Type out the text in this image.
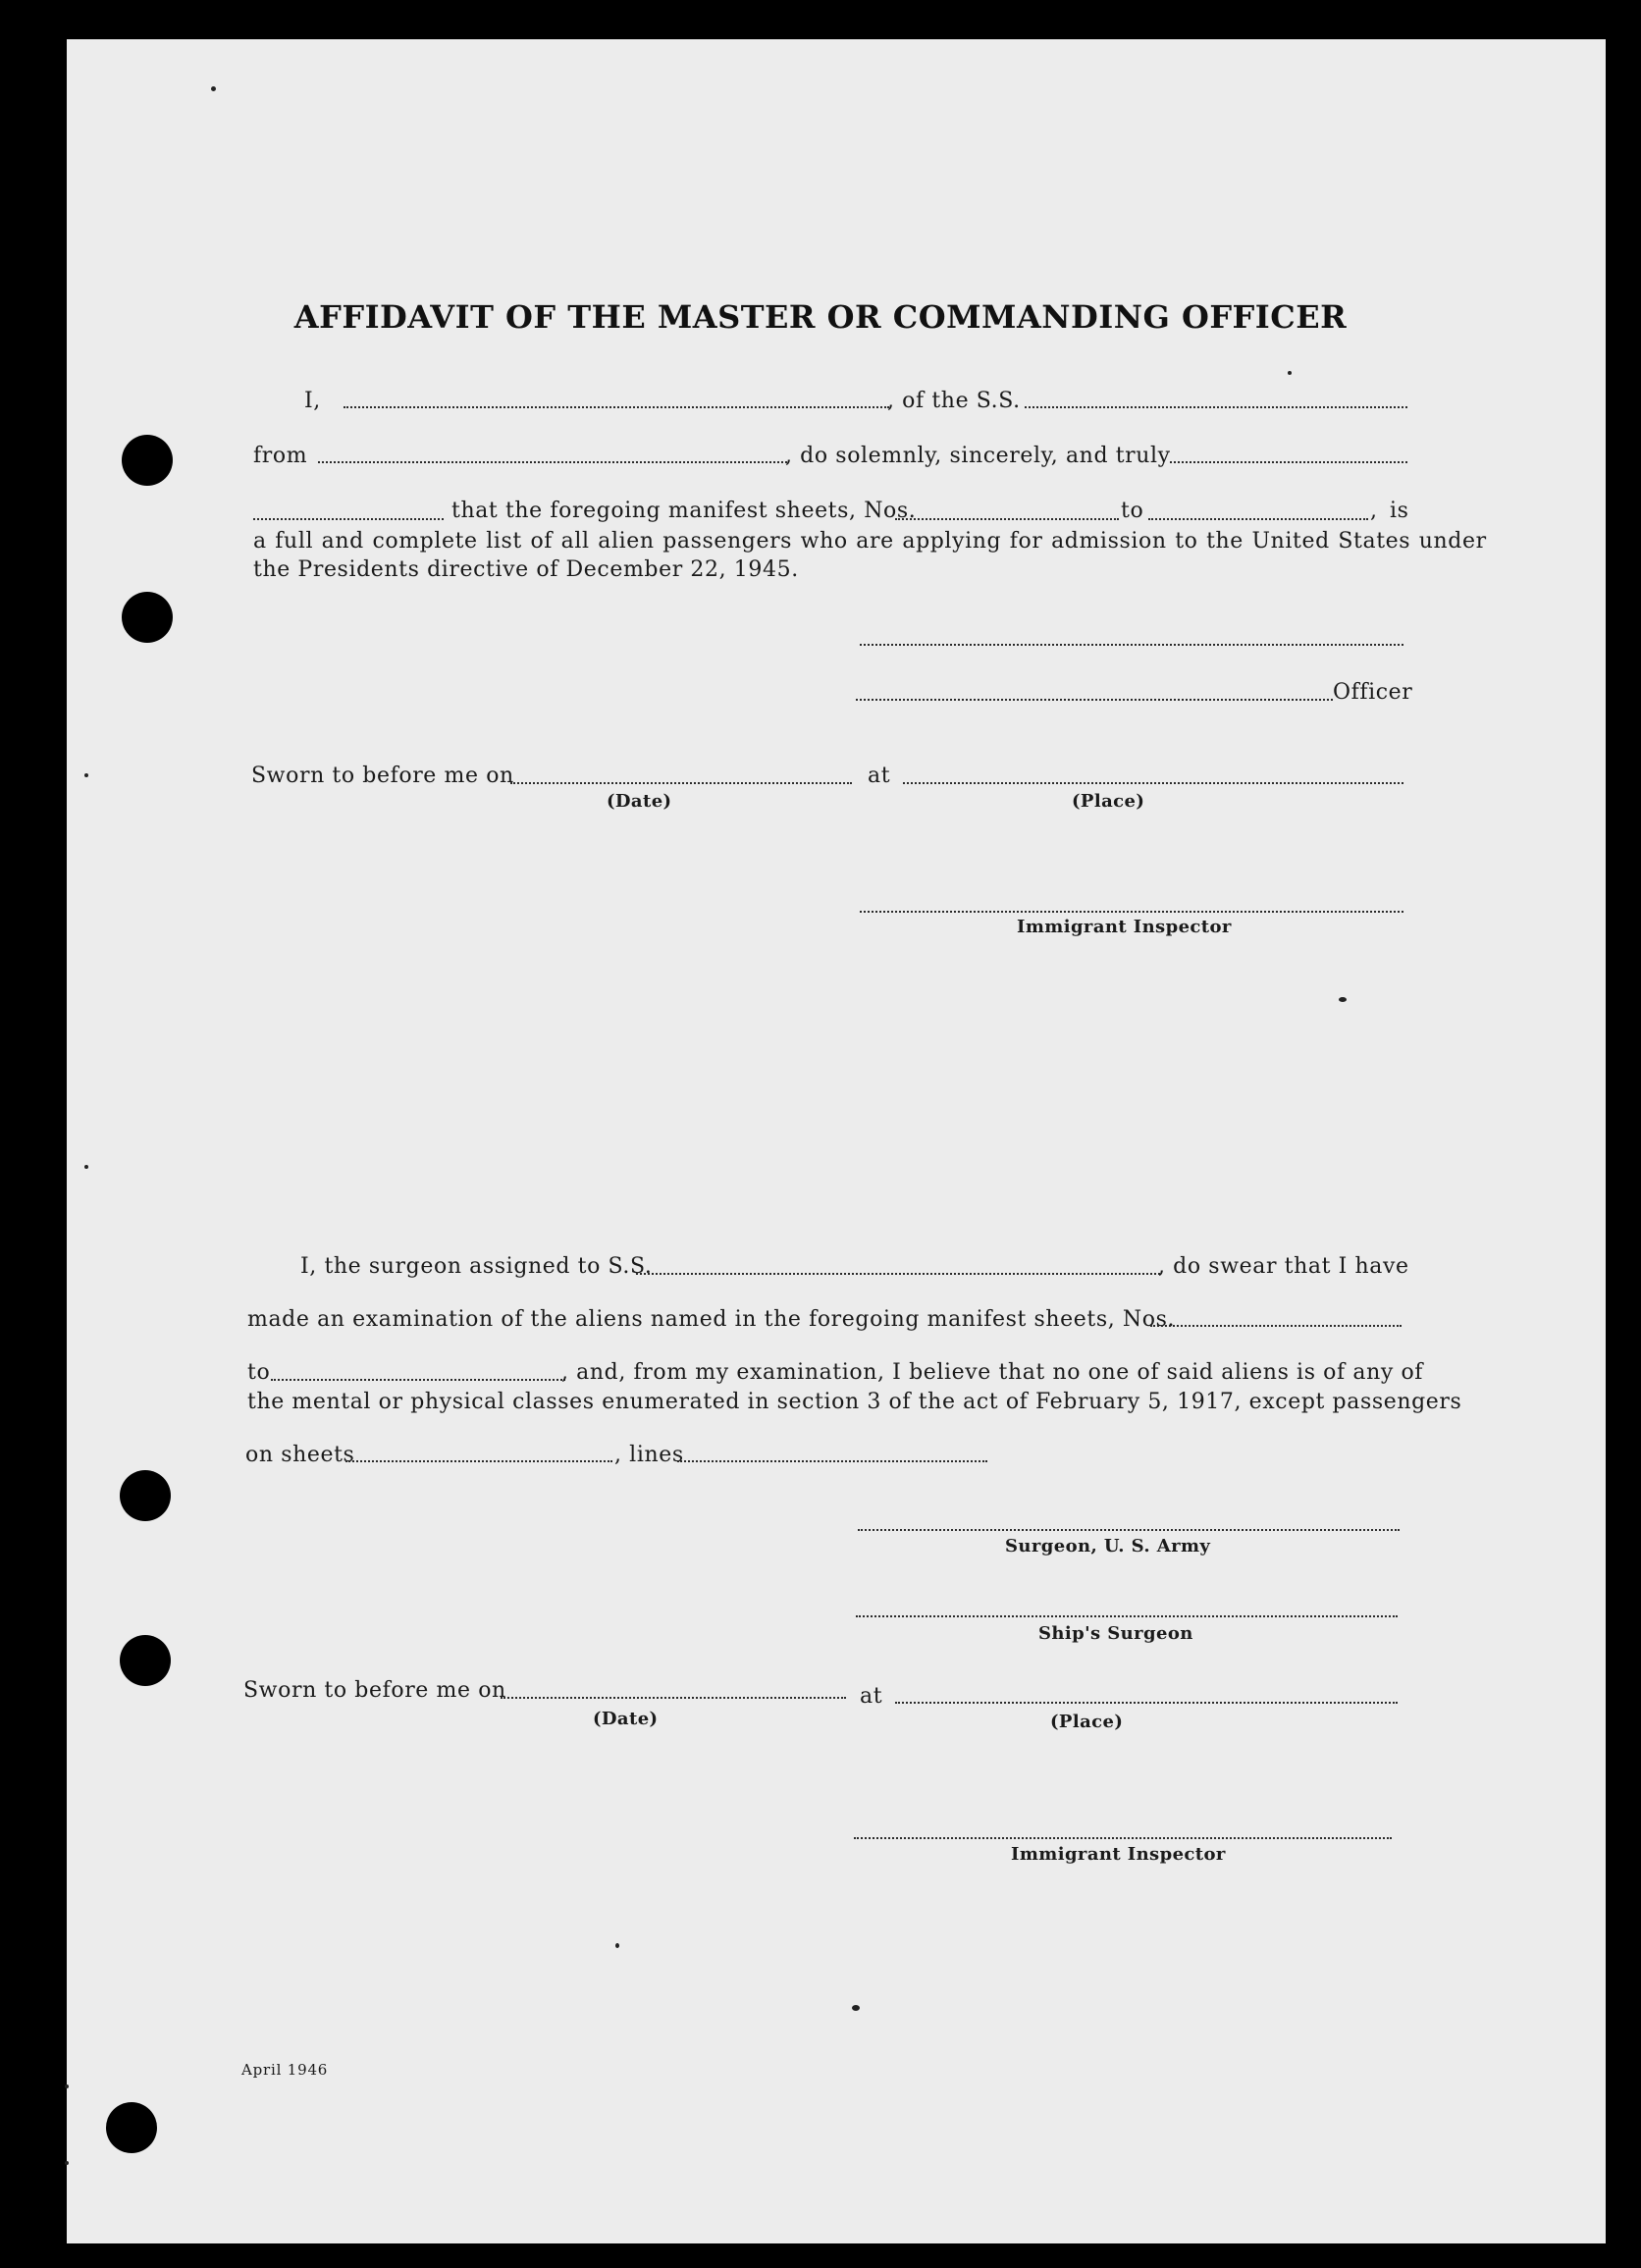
AFFIDAVIT OF THE MASTER OR COMMANDING OFFICER
I,	, of the S.S.
from	, do solemnly, sincerely, and truly
that the foregoing manifest sheets, Nos.	to	, is
a full and complete list of all alien passengers who are applying for admission to the United States under
the Presidents directive of December 22, 1945.
Officer
Sworn to before me on	at
(Date)	(Place)
Immigrant Inspector
I, the surgeon assigned to S.S.	, do swear that I have
made an examination of the aliens named in the foregoing manifest sheets, Nos.
to	, and, from my examination, I believe that no one of said aliens is of any of
the mental or physical classes enumerated in section 3 of the act of February 5, 1917, except passengers
on sheets	, lines
Surgeon, U. S. Army
Ship's Surgeon
Sworn to before me on	at
(Date)	(Place)
Immigrant Inspector
April 1946
